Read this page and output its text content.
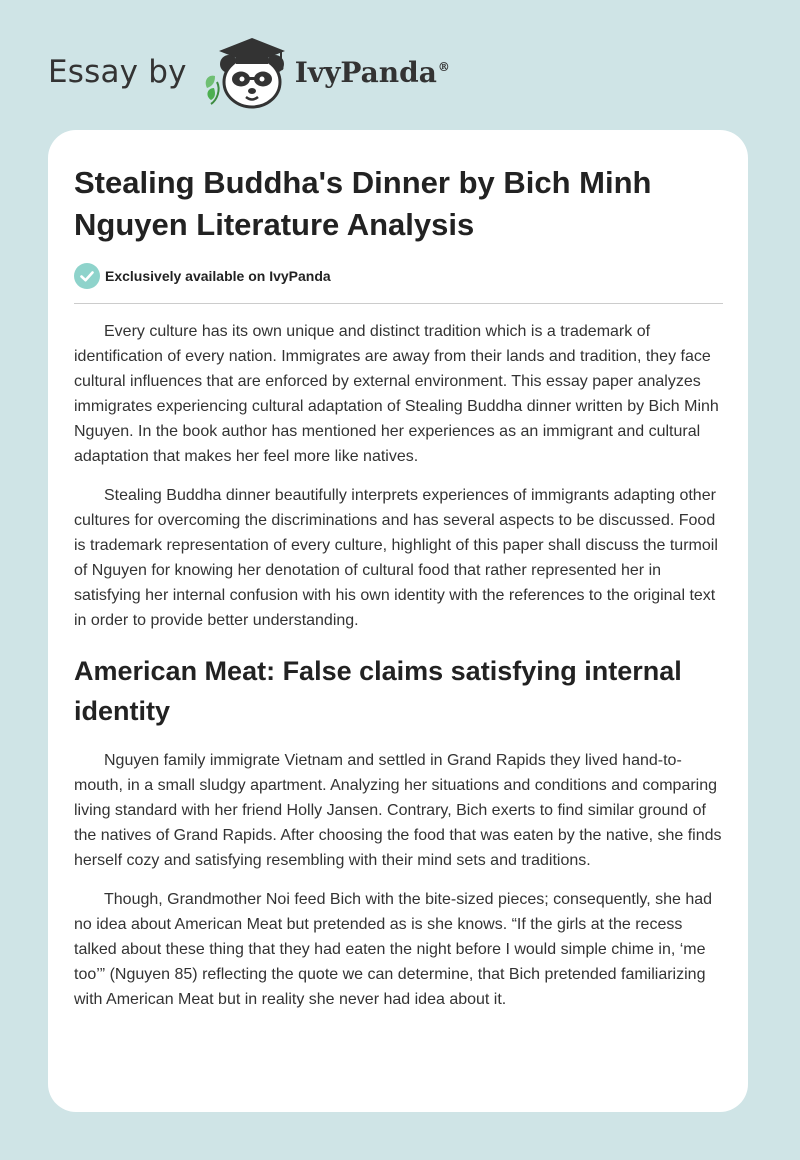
Essay by	IvyPanda®
Stealing Buddha's Dinner by Bich Minh Nguyen Literature Analysis
Exclusively available on IvyPanda

Every culture has its own unique and distinct tradition which is a trademark of identification of every nation. Immigrates are away from their lands and tradition, they face cultural influences that are enforced by external environment. This essay paper analyzes immigrates experiencing cultural adaptation of Stealing Buddha dinner written by Bich Minh Nguyen. In the book author has mentioned her experiences as an immigrant and cultural adaptation that makes her feel more like natives.

Stealing Buddha dinner beautifully interprets experiences of immigrants adapting other cultures for overcoming the discriminations and has several aspects to be discussed. Food is trademark representation of every culture, highlight of this paper shall discuss the turmoil of Nguyen for knowing her denotation of cultural food that rather represented her in satisfying her internal confusion with his own identity with the references to the original text in order to provide better understanding.

American Meat: False claims satisfying internal identity

Nguyen family immigrate Vietnam and settled in Grand Rapids they lived hand-to-mouth, in a small sludgy apartment. Analyzing her situations and conditions and comparing living standard with her friend Holly Jansen. Contrary, Bich exerts to find similar ground of the natives of Grand Rapids. After choosing the food that was eaten by the native, she finds herself cozy and satisfying resembling with their mind sets and traditions.

Though, Grandmother Noi feed Bich with the bite-sized pieces; consequently, she had no idea about American Meat but pretended as is she knows. “If the girls at the recess talked about these thing that they had eaten the night before I would simple chime in, ‘me too’” (Nguyen 85) reflecting the quote we can determine, that Bich pretended familiarizing with American Meat but in reality she never had idea about it.
